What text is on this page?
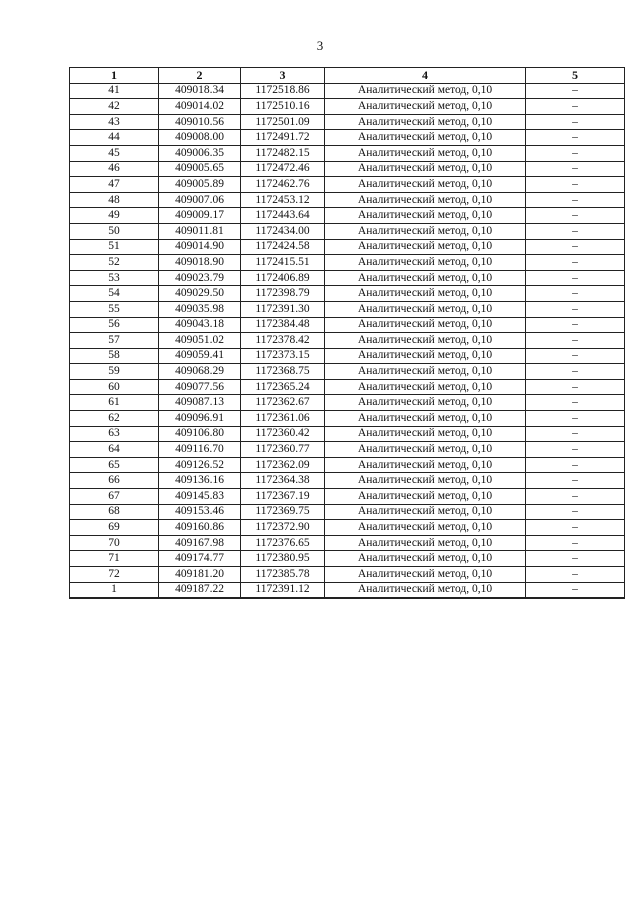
3
1	2	3	4	5
41	409018.34	1172518.86	Аналитический метод, 0,10	–
42	409014.02	1172510.16	Аналитический метод, 0,10	–
43	409010.56	1172501.09	Аналитический метод, 0,10	–
44	409008.00	1172491.72	Аналитический метод, 0,10	–
45	409006.35	1172482.15	Аналитический метод, 0,10	–
46	409005.65	1172472.46	Аналитический метод, 0,10	–
47	409005.89	1172462.76	Аналитический метод, 0,10	–
48	409007.06	1172453.12	Аналитический метод, 0,10	–
49	409009.17	1172443.64	Аналитический метод, 0,10	–
50	409011.81	1172434.00	Аналитический метод, 0,10	–
51	409014.90	1172424.58	Аналитический метод, 0,10	–
52	409018.90	1172415.51	Аналитический метод, 0,10	–
53	409023.79	1172406.89	Аналитический метод, 0,10	–
54	409029.50	1172398.79	Аналитический метод, 0,10	–
55	409035.98	1172391.30	Аналитический метод, 0,10	–
56	409043.18	1172384.48	Аналитический метод, 0,10	–
57	409051.02	1172378.42	Аналитический метод, 0,10	–
58	409059.41	1172373.15	Аналитический метод, 0,10	–
59	409068.29	1172368.75	Аналитический метод, 0,10	–
60	409077.56	1172365.24	Аналитический метод, 0,10	–
61	409087.13	1172362.67	Аналитический метод, 0,10	–
62	409096.91	1172361.06	Аналитический метод, 0,10	–
63	409106.80	1172360.42	Аналитический метод, 0,10	–
64	409116.70	1172360.77	Аналитический метод, 0,10	–
65	409126.52	1172362.09	Аналитический метод, 0,10	–
66	409136.16	1172364.38	Аналитический метод, 0,10	–
67	409145.83	1172367.19	Аналитический метод, 0,10	–
68	409153.46	1172369.75	Аналитический метод, 0,10	–
69	409160.86	1172372.90	Аналитический метод, 0,10	–
70	409167.98	1172376.65	Аналитический метод, 0,10	–
71	409174.77	1172380.95	Аналитический метод, 0,10	–
72	409181.20	1172385.78	Аналитический метод, 0,10	–
1	409187.22	1172391.12	Аналитический метод, 0,10	–
